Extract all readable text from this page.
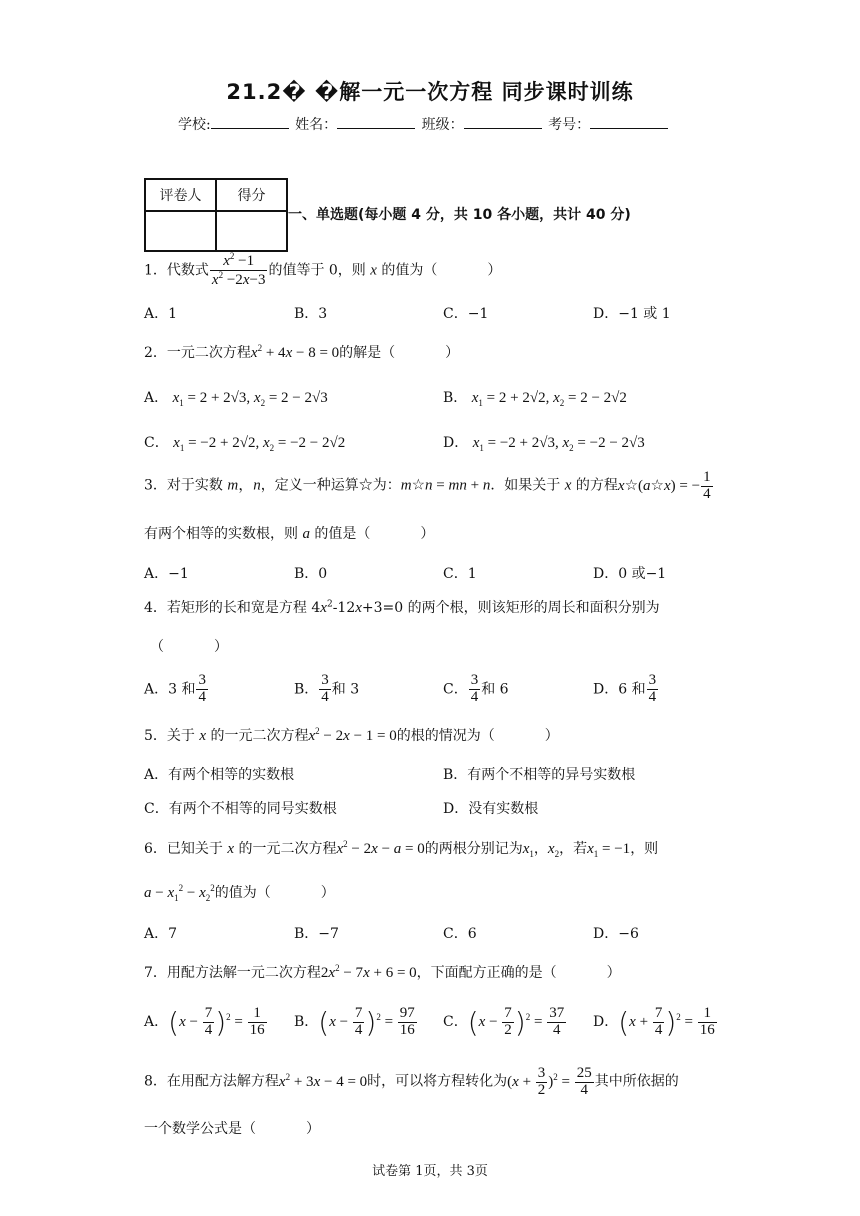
21.2� �解一元一次方程 同步课时训练
学校:	姓名：	班级：	考号：
评卷人	得分

一、单选题(每小题 4 分，共 10 各小题，共计 40 分)
1．代数式 $\frac{x^2 -1}{x^2 -2x-3}$ 的值等于 0，则 x 的值为（	）
A．1	B．3	C．−1	D．−1 或 1
2．一元二次方程$x^2 + 4x - 8 = 0$的解是（	）
A． $x_1 = 2 + 2√3$, $x_2 = 2 - 2√3$	B． $x_1 = 2 + 2√2$, $x_2 = 2 - 2√2$
C． $x_1 = -2 + 2√2$, $x_2 = -2 - 2√2$	D． $x_1 = -2 + 2√3$, $x_2 = -2 - 2√3$
3．对于实数 m，n，定义一种运算☆为：m☆n = mn + n．如果关于 x 的方程x☆(a☆x) = − $\frac{1}{4}$
有两个相等的实数根，则 a 的值是（	）
A．−1	B．0	C．1	D．0 或−1
4．若矩形的长和宽是方程 $4x^2-12x+3=0$ 的两个根，则该矩形的周长和面积分别为
（	）
A．3 和 $\frac{3}{4}$	B． $\frac{3}{4}$ 和 3	C． $\frac{3}{4}$ 和 6	D．6 和 $\frac{3}{4}$
5．关于 x 的一元二次方程$x^2 - 2x - 1 = 0$的根的情况为（	）
A．有两个相等的实数根	B．有两个不相等的异号实数根
C．有两个不相等的同号实数根	D．没有实数根
6．已知关于 x 的一元二次方程$x^2 - 2x - a = 0$的两根分别记为$x_1$，$x_2$，若$x_1 = -1$，则
$a - x_1^2 - x_2^2$的值为（	）
A．7	B．−7	C．6	D．−6
7．用配方法解一元二次方程$2x^2 - 7x + 6 = 0$，下面配方正确的是（	）
A．$(x - \frac{7}{4} )^2 = \frac{1}{16}$ B．$(x - \frac{7}{4} )^2 = \frac{97}{16}$ C．$(x - \frac{7}{2} )^2 = \frac{37}{4}$ D．$(x + \frac{7}{4} )^2 = \frac{1}{16}$
8．在用配方法解方程$x^2 + 3x - 4 = 0$时，可以将方程转化为$(x + \frac{3}{2} )^2 = \frac{25}{4}$ 其中所依据的
一个数学公式是（	）
试卷第 1页，共 3页
